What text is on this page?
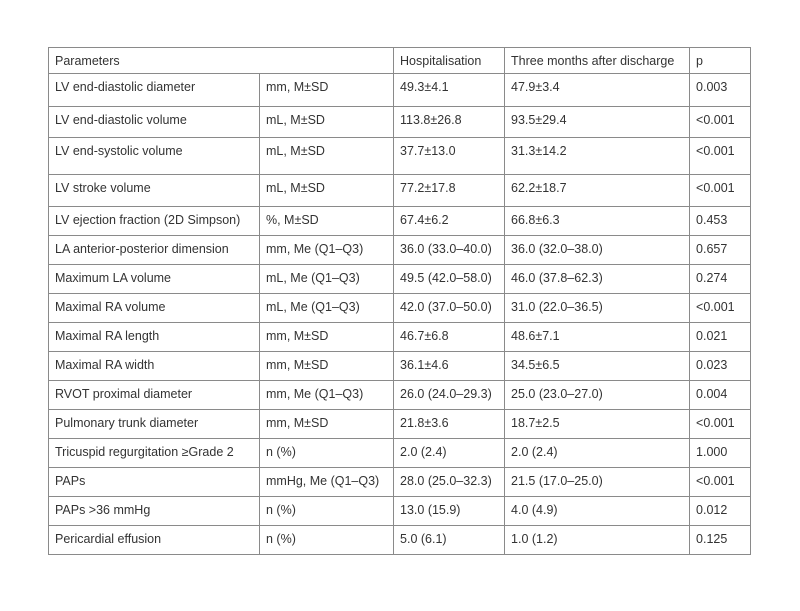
Parameters		Hospitalisation	Three months after discharge	p
LV end-diastolic diameter	mm, M±SD	49.3±4.1	47.9±3.4	0.003
LV end-diastolic volume	mL, M±SD	113.8±26.8	93.5±29.4	<0.001
LV end-systolic volume	mL, M±SD	37.7±13.0	31.3±14.2	<0.001
LV stroke volume	mL, M±SD	77.2±17.8	62.2±18.7	<0.001
LV ejection fraction (2D Simpson)	%, M±SD	67.4±6.2	66.8±6.3	0.453
LA anterior-posterior dimension	mm, Me (Q1–Q3)	36.0 (33.0–40.0)	36.0 (32.0–38.0)	0.657
Maximum LA volume	mL, Me (Q1–Q3)	49.5 (42.0–58.0)	46.0 (37.8–62.3)	0.274
Maximal RA volume	mL, Me (Q1–Q3)	42.0 (37.0–50.0)	31.0 (22.0–36.5)	<0.001
Maximal RA length	mm, M±SD	46.7±6.8	48.6±7.1	0.021
Maximal RA width	mm, M±SD	36.1±4.6	34.5±6.5	0.023
RVOT proximal diameter	mm, Me (Q1–Q3)	26.0 (24.0–29.3)	25.0 (23.0–27.0)	0.004
Pulmonary trunk diameter	mm, M±SD	21.8±3.6	18.7±2.5	<0.001
Tricuspid regurgitation ≥Grade 2	n (%)	2.0 (2.4)	2.0 (2.4)	1.000
PAPs	mmHg, Me (Q1–Q3)	28.0 (25.0–32.3)	21.5 (17.0–25.0)	<0.001
PAPs >36 mmHg	n (%)	13.0 (15.9)	4.0 (4.9)	0.012
Pericardial effusion	n (%)	5.0 (6.1)	1.0 (1.2)	0.125
